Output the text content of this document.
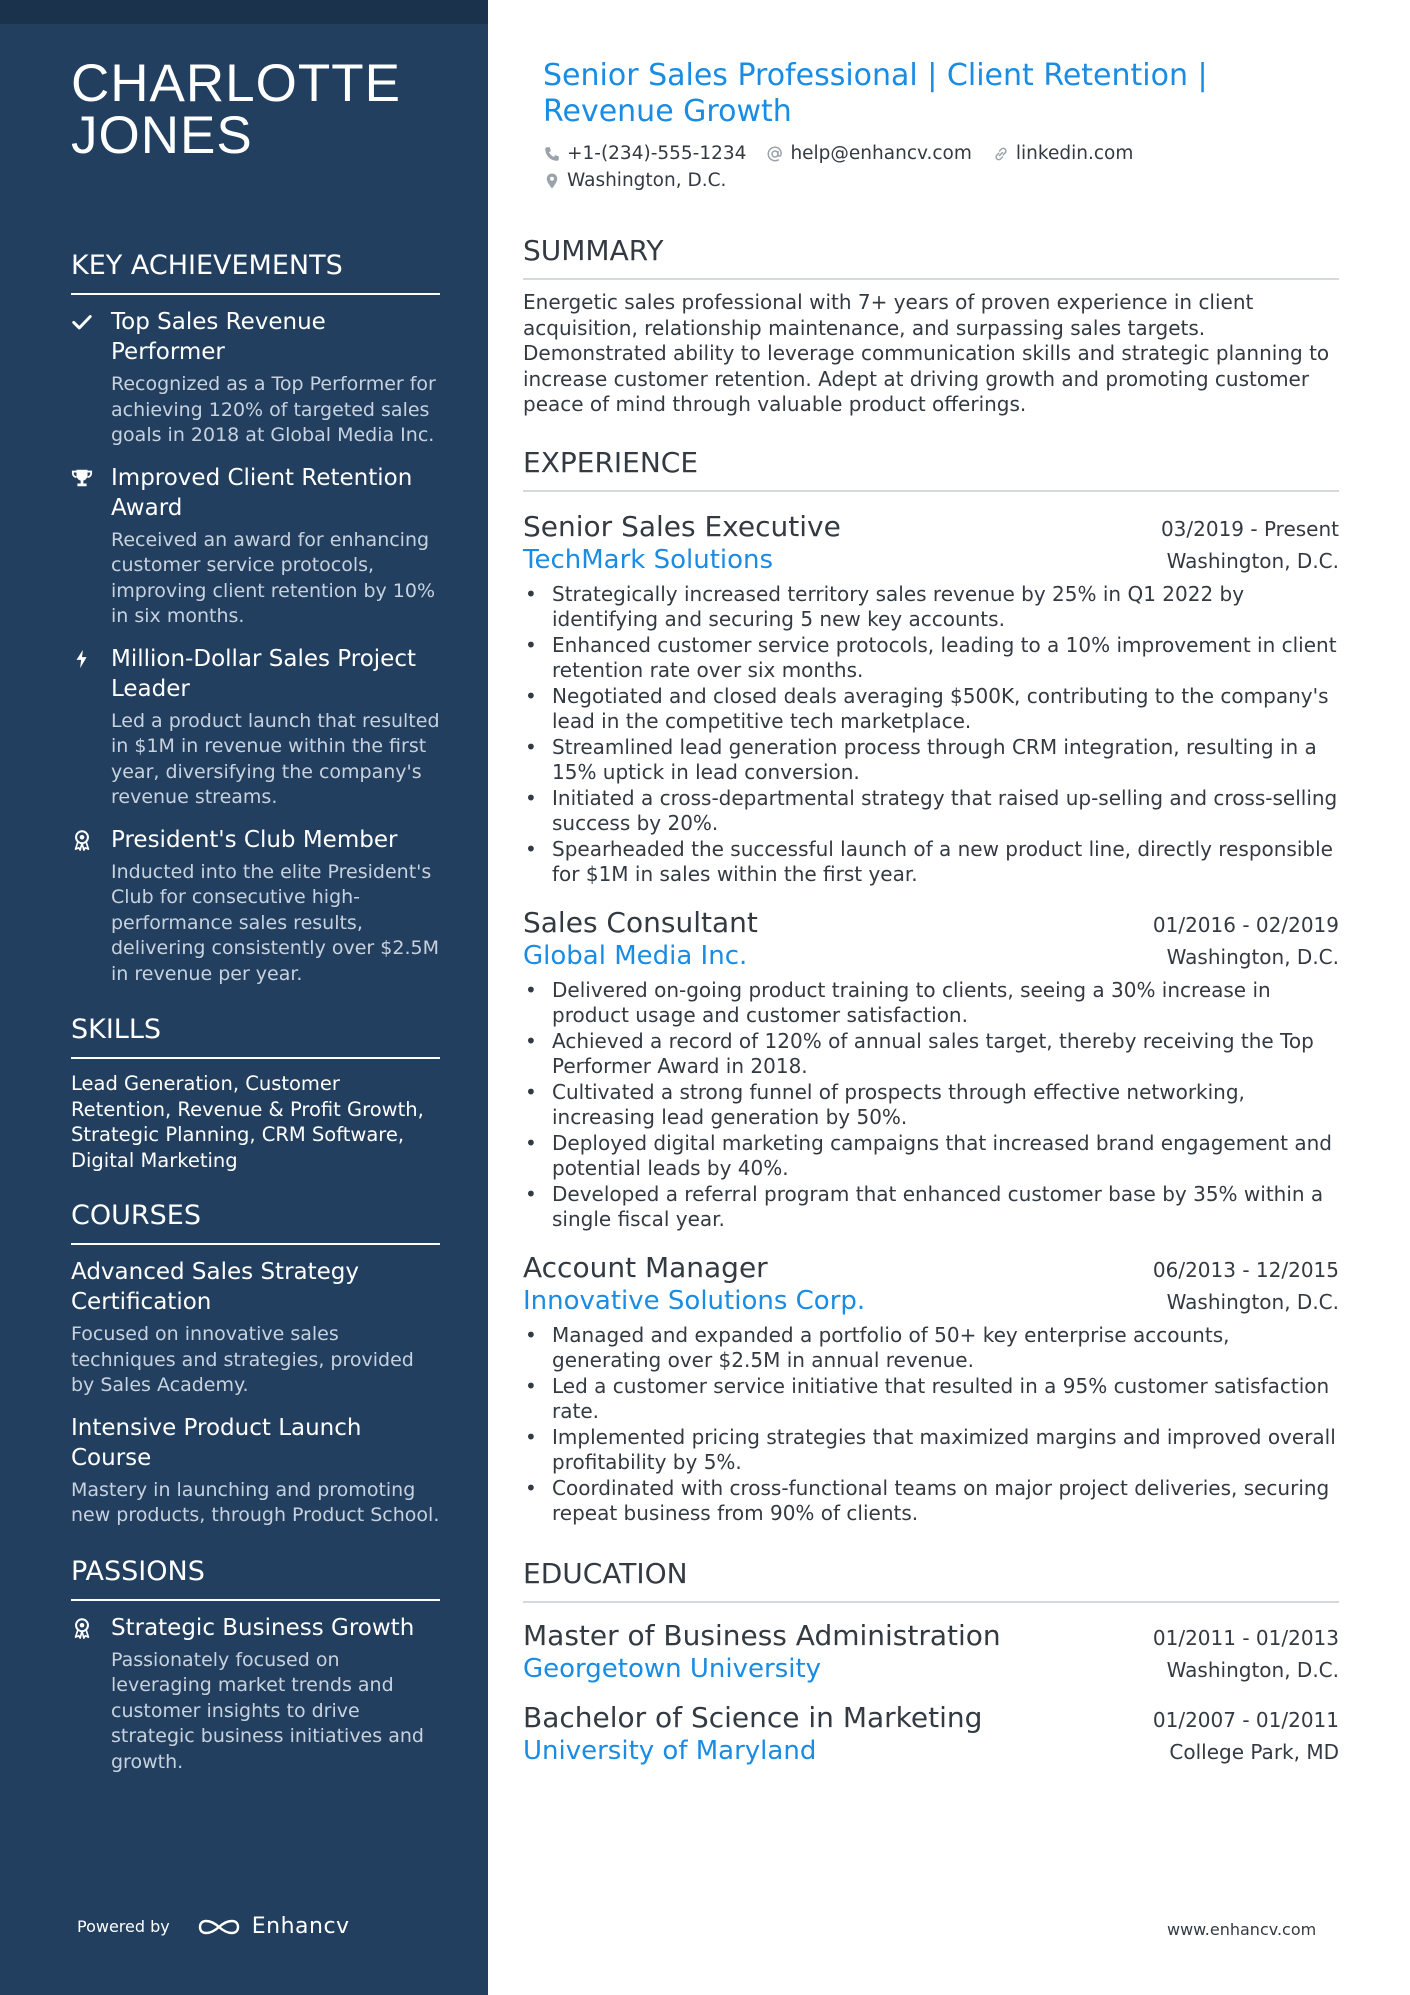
CHARLOTTE
JONES
KEY ACHIEVEMENTS
Top Sales Revenue Performer
Recognized as a Top Performer for achieving 120% of targeted sales goals in 2018 at Global Media Inc.
Improved Client Retention Award
Received an award for enhancing customer service protocols, improving client retention by 10% in six months.
Million-Dollar Sales Project Leader
Led a product launch that resulted in $1M in revenue within the first year, diversifying the company's revenue streams.
President's Club Member
Inducted into the elite President's Club for consecutive high-performance sales results, delivering consistently over $2.5M in revenue per year.
SKILLS
Lead Generation, Customer Retention, Revenue & Profit Growth, Strategic Planning, CRM Software, Digital Marketing
COURSES
Advanced Sales Strategy Certification
Focused on innovative sales techniques and strategies, provided by Sales Academy.
Intensive Product Launch Course
Mastery in launching and promoting new products, through Product School.
PASSIONS
Strategic Business Growth
Passionately focused on leveraging market trends and customer insights to drive strategic business initiatives and growth.
Powered by	Enhancv
Senior Sales Professional | Client Retention | Revenue Growth
+1-(234)-555-1234 help@enhancv.com linkedin.com
Washington, D.C.
SUMMARY
Energetic sales professional with 7+ years of proven experience in client acquisition, relationship maintenance, and surpassing sales targets. Demonstrated ability to leverage communication skills and strategic planning to increase customer retention. Adept at driving growth and promoting customer peace of mind through valuable product offerings.
EXPERIENCE
Senior Sales Executive	03/2019 - Present
TechMark Solutions	Washington, D.C.
• Strategically increased territory sales revenue by 25% in Q1 2022 by identifying and securing 5 new key accounts.
• Enhanced customer service protocols, leading to a 10% improvement in client retention rate over six months.
• Negotiated and closed deals averaging $500K, contributing to the company's lead in the competitive tech marketplace.
• Streamlined lead generation process through CRM integration, resulting in a 15% uptick in lead conversion.
• Initiated a cross-departmental strategy that raised up-selling and cross-selling success by 20%.
• Spearheaded the successful launch of a new product line, directly responsible for $1M in sales within the first year.
Sales Consultant	01/2016 - 02/2019
Global Media Inc.	Washington, D.C.
• Delivered on-going product training to clients, seeing a 30% increase in product usage and customer satisfaction.
• Achieved a record of 120% of annual sales target, thereby receiving the Top Performer Award in 2018.
• Cultivated a strong funnel of prospects through effective networking, increasing lead generation by 50%.
• Deployed digital marketing campaigns that increased brand engagement and potential leads by 40%.
• Developed a referral program that enhanced customer base by 35% within a single fiscal year.
Account Manager	06/2013 - 12/2015
Innovative Solutions Corp.	Washington, D.C.
• Managed and expanded a portfolio of 50+ key enterprise accounts, generating over $2.5M in annual revenue.
• Led a customer service initiative that resulted in a 95% customer satisfaction rate.
• Implemented pricing strategies that maximized margins and improved overall profitability by 5%.
• Coordinated with cross-functional teams on major project deliveries, securing repeat business from 90% of clients.
EDUCATION
Master of Business Administration	01/2011 - 01/2013
Georgetown University	Washington, D.C.
Bachelor of Science in Marketing	01/2007 - 01/2011
University of Maryland	College Park, MD
www.enhancv.com
